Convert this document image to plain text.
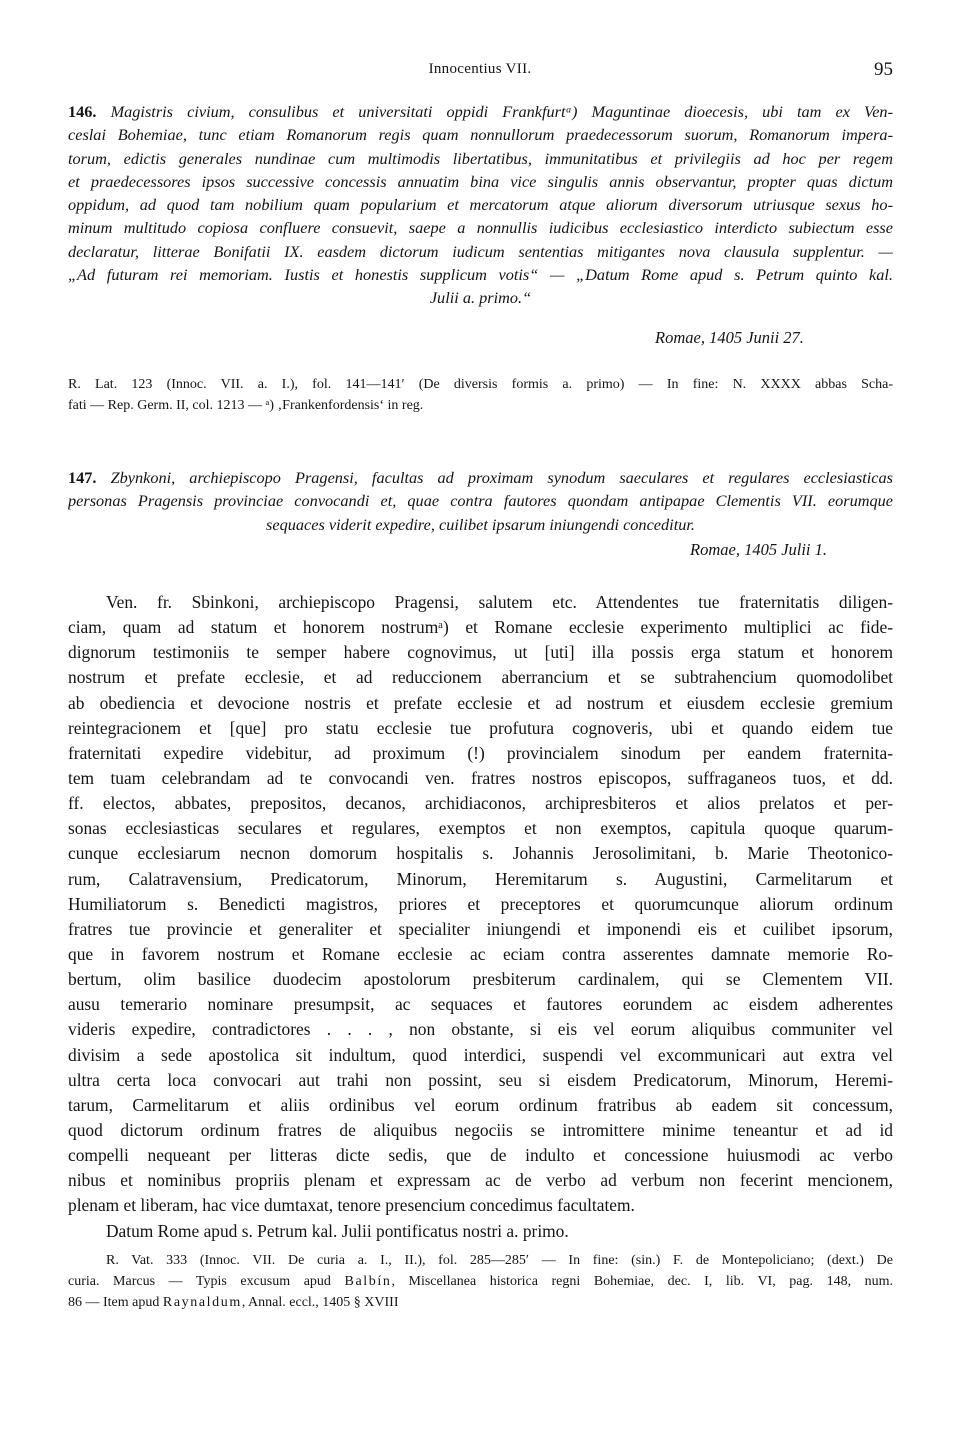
Innocentius VII.	95
146. Magistris civium, consulibus et universitati oppidi Frankfurtᵃ) Maguntinae dioecesis, ubi tam ex Ven-
ceslai Bohemiae, tunc etiam Romanorum regis quam nonnullorum praedecessorum suorum, Romanorum impera-
torum, edictis generales nundinae cum multimodis libertatibus, immunitatibus et privilegiis ad hoc per regem
et praedecessores ipsos successive concessis annuatim bina vice singulis annis observantur, propter quas dictum
oppidum, ad quod tam nobilium quam popularium et mercatorum atque aliorum diversorum utriusque sexus ho-
minum multitudo copiosa confluere consuevit, saepe a nonnullis iudicibus ecclesiastico interdicto subiectum esse
declaratur, litterae Bonifatii IX. easdem dictorum iudicum sententias mitigantes nova clausula supplentur. —
„Ad futuram rei memoriam. Iustis et honestis supplicum votis“ — „Datum Rome apud s. Petrum quinto kal.
Julii a. primo.“
Romae, 1405 Junii 27.
R. Lat. 123 (Innoc. VII. a. I.), fol. 141—141′ (De diversis formis a. primo) — In fine: N. XXXX abbas Scha-
fati — Rep. Germ. II, col. 1213 — ᵃ) ‚Frankenfordensis‘ in reg.
147. Zbynkoni, archiepiscopo Pragensi, facultas ad proximam synodum saeculares et regulares ecclesiasticas
personas Pragensis provinciae convocandi et, quae contra fautores quondam antipapae Clementis VII. eorumque
sequaces viderit expedire, cuilibet ipsarum iniungendi conceditur.
Romae, 1405 Julii 1.
Ven. fr. Sbinkoni, archiepiscopo Pragensi, salutem etc. Attendentes tue fraternitatis diligen-
ciam, quam ad statum et honorem nostrumᵃ) et Romane ecclesie experimento multiplici ac fide-
dignorum testimoniis te semper habere cognovimus, ut [uti] illa possis erga statum et honorem
nostrum et prefate ecclesie, et ad reduccionem aberrancium et se subtrahencium quomodolibet
ab obediencia et devocione nostris et prefate ecclesie et ad nostrum et eiusdem ecclesie gremium
reintegracionem et [que] pro statu ecclesie tue profutura cognoveris, ubi et quando eidem tue
fraternitati expedire videbitur, ad proximum (!) provincialem sinodum per eandem fraternita-
tem tuam celebrandam ad te convocandi ven. fratres nostros episcopos, suffraganeos tuos, et dd.
ff. electos, abbates, prepositos, decanos, archidiaconos, archipresbiteros et alios prelatos et per-
sonas ecclesiasticas seculares et regulares, exemptos et non exemptos, capitula quoque quarum-
cunque ecclesiarum necnon domorum hospitalis s. Johannis Jerosolimitani, b. Marie Theotonico-
rum, Calatravensium, Predicatorum, Minorum, Heremitarum s. Augustini, Carmelitarum et
Humiliatorum s. Benedicti magistros, priores et preceptores et quorumcunque aliorum ordinum
fratres tue provincie et generaliter et specialiter iniungendi et imponendi eis et cuilibet ipsorum,
que in favorem nostrum et Romane ecclesie ac eciam contra asserentes damnate memorie Ro-
bertum, olim basilice duodecim apostolorum presbiterum cardinalem, qui se Clementem VII.
ausu temerario nominare presumpsit, ac sequaces et fautores eorundem ac eisdem adherentes
videris expedire, contradictores . . . , non obstante, si eis vel eorum aliquibus communiter vel
divisim a sede apostolica sit indultum, quod interdici, suspendi vel excommunicari aut extra vel
ultra certa loca convocari aut trahi non possint, seu si eisdem Predicatorum, Minorum, Heremi-
tarum, Carmelitarum et aliis ordinibus vel eorum ordinum fratribus ab eadem sit concessum,
quod dictorum ordinum fratres de aliquibus negociis se intromittere minime teneantur et ad id
compelli nequeant per litteras dicte sedis, que de indulto et concessione huiusmodi ac verbo
nibus et nominibus propriis plenam et expressam ac de verbo ad verbum non fecerint mencionem,
plenam et liberam, hac vice dumtaxat, tenore presencium concedimus facultatem.
Datum Rome apud s. Petrum kal. Julii pontificatus nostri a. primo.
R. Vat. 333 (Innoc. VII. De curia a. I., II.), fol. 285—285′ — In fine: (sin.) F. de Montepoliciano; (dext.) De
curia. Marcus — Typis excusum apud Balbín, Miscellanea historica regni Bohemiae, dec. I, lib. VI, pag. 148, num.
86 — Item apud Raynaldum, Annal. eccl., 1405 § XVIII
